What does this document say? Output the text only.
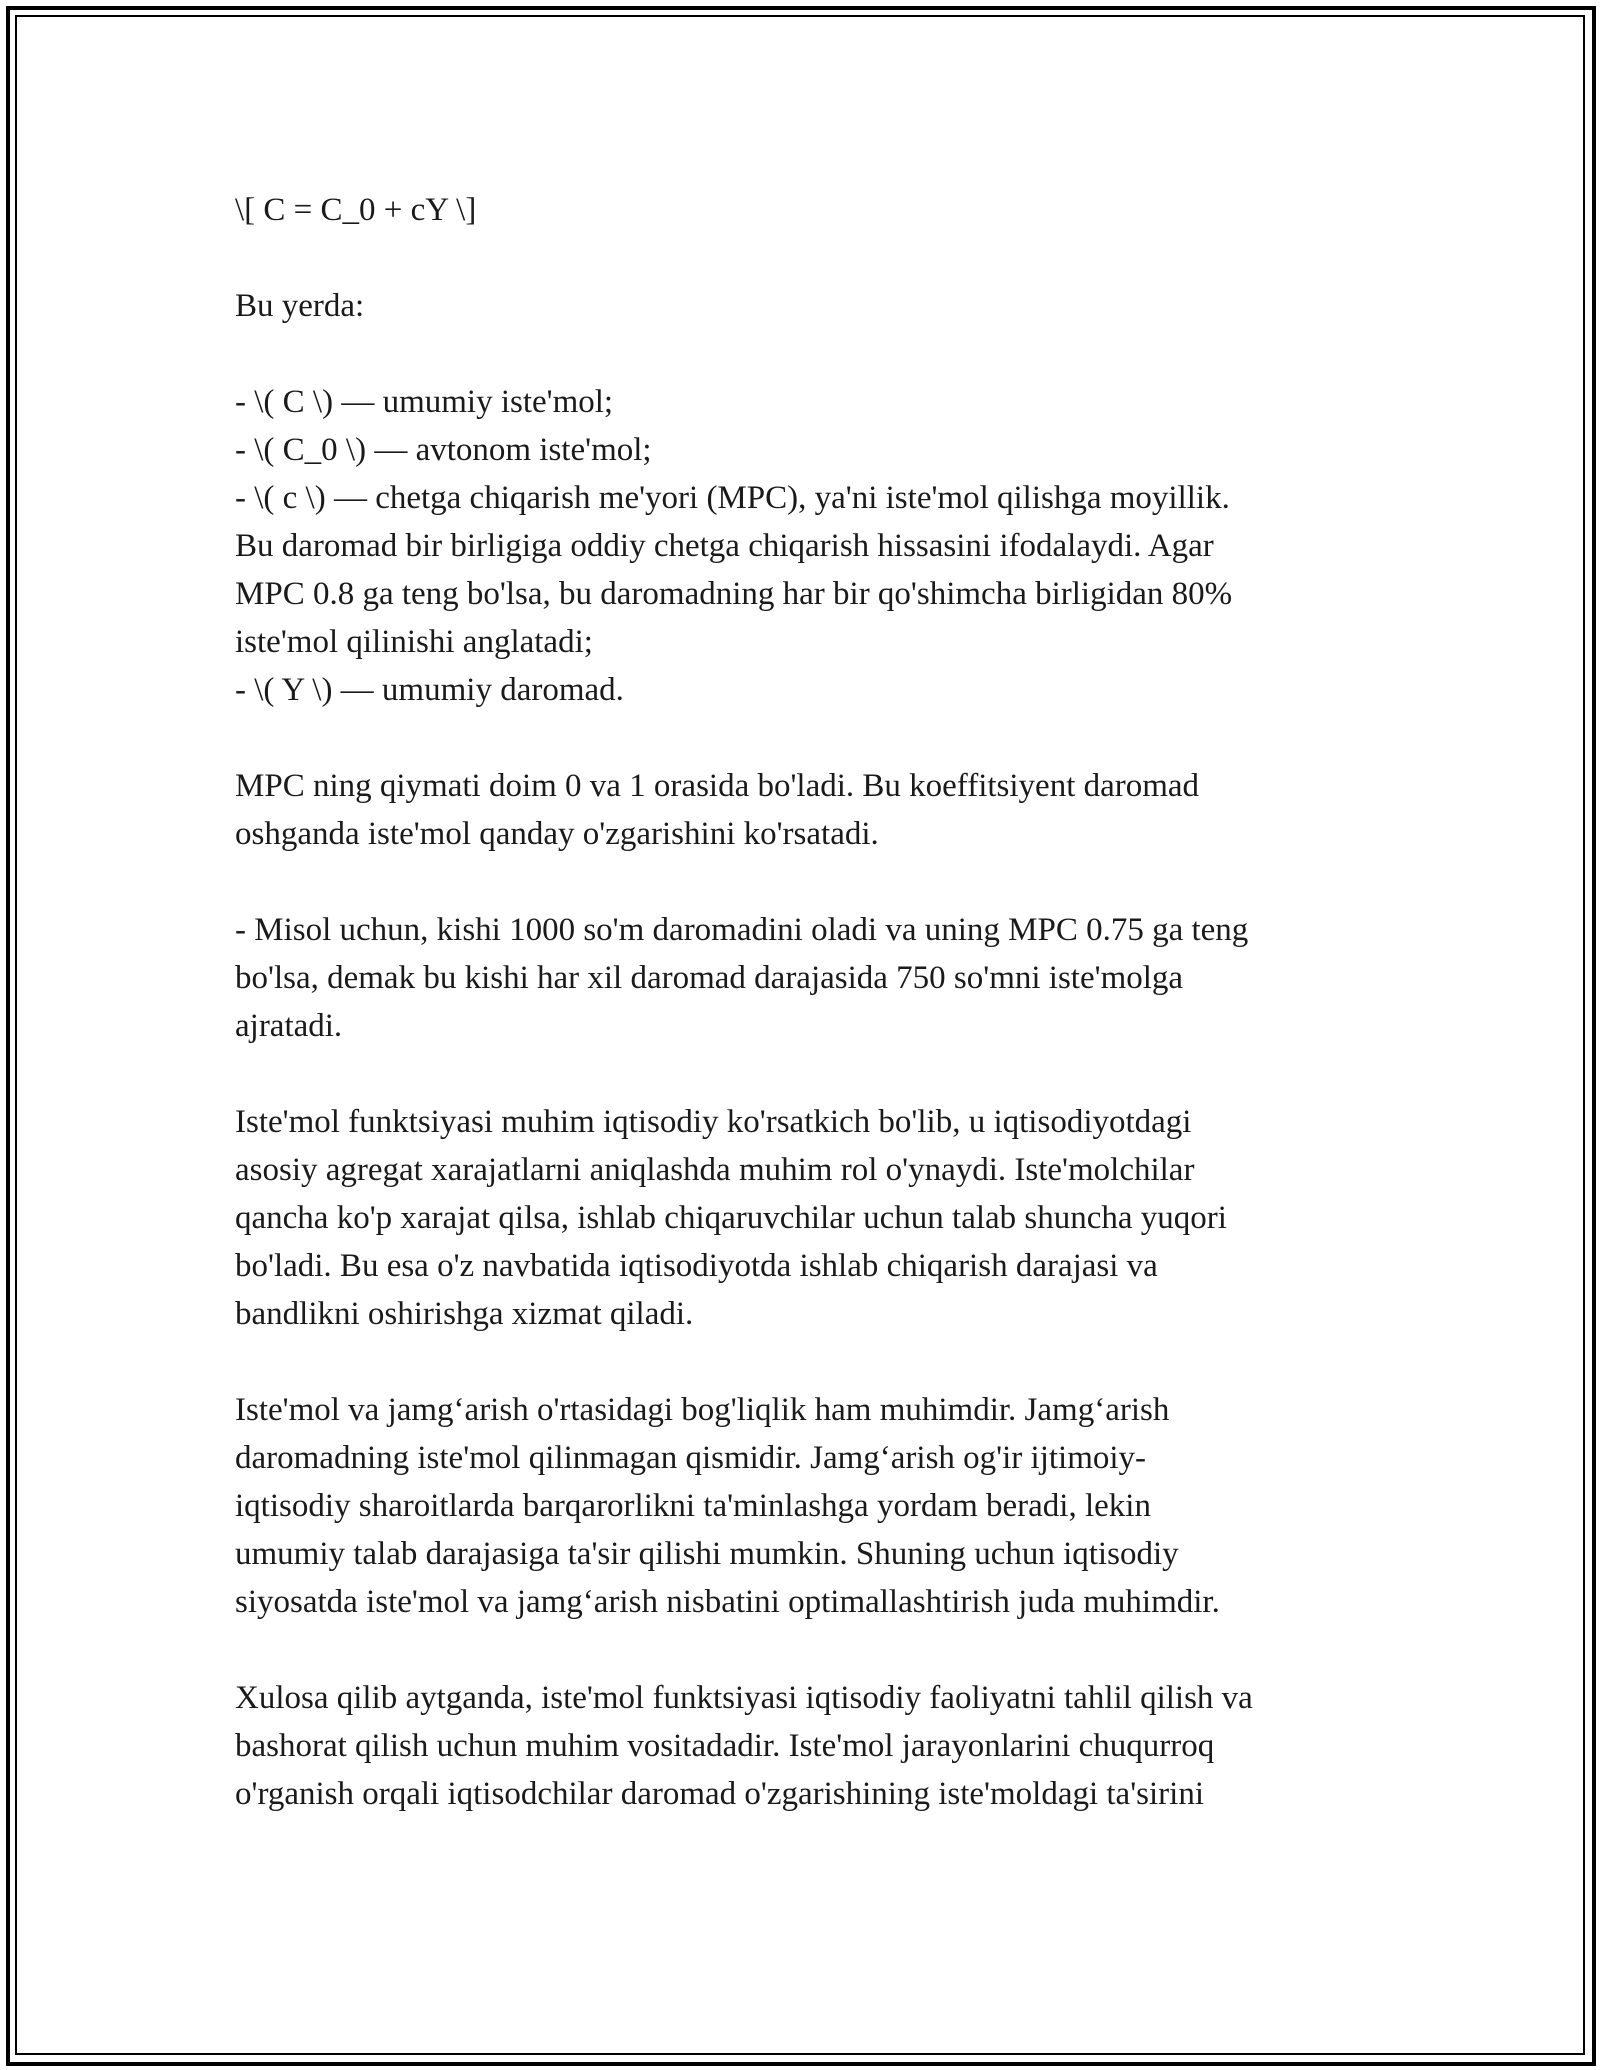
\[ C = C_0 + cY \]
Bu yerda:
- \( C \) — umumiy iste'mol;
- \( C_0 \) — avtonom iste'mol;
- \( c \) — chetga chiqarish me'yori (MPC), ya'ni iste'mol qilishga moyillik.
Bu daromad bir birligiga oddiy chetga chiqarish hissasini ifodalaydi. Agar
MPC 0.8 ga teng bo'lsa, bu daromadning har bir qo'shimcha birligidan 80%
iste'mol qilinishi anglatadi;
- \( Y \) — umumiy daromad.
MPC ning qiymati doim 0 va 1 orasida bo'ladi. Bu koeffitsiyent daromad
oshganda iste'mol qanday o'zgarishini ko'rsatadi.
- Misol uchun, kishi 1000 so'm daromadini oladi va uning MPC 0.75 ga teng
bo'lsa, demak bu kishi har xil daromad darajasida 750 so'mni iste'molga
ajratadi.
Iste'mol funktsiyasi muhim iqtisodiy ko'rsatkich bo'lib, u iqtisodiyotdagi
asosiy agregat xarajatlarni aniqlashda muhim rol o'ynaydi. Iste'molchilar
qancha ko'p xarajat qilsa, ishlab chiqaruvchilar uchun talab shuncha yuqori
bo'ladi. Bu esa o'z navbatida iqtisodiyotda ishlab chiqarish darajasi va
bandlikni oshirishga xizmat qiladi.
Iste'mol va jamg‘arish o'rtasidagi bog'liqlik ham muhimdir. Jamg‘arish
daromadning iste'mol qilinmagan qismidir. Jamg‘arish og'ir ijtimoiy-
iqtisodiy sharoitlarda barqarorlikni ta'minlashga yordam beradi, lekin
umumiy talab darajasiga ta'sir qilishi mumkin. Shuning uchun iqtisodiy
siyosatda iste'mol va jamg‘arish nisbatini optimallashtirish juda muhimdir.
Xulosa qilib aytganda, iste'mol funktsiyasi iqtisodiy faoliyatni tahlil qilish va
bashorat qilish uchun muhim vositadadir. Iste'mol jarayonlarini chuqurroq
o'rganish orqali iqtisodchilar daromad o'zgarishining iste'moldagi ta'sirini
